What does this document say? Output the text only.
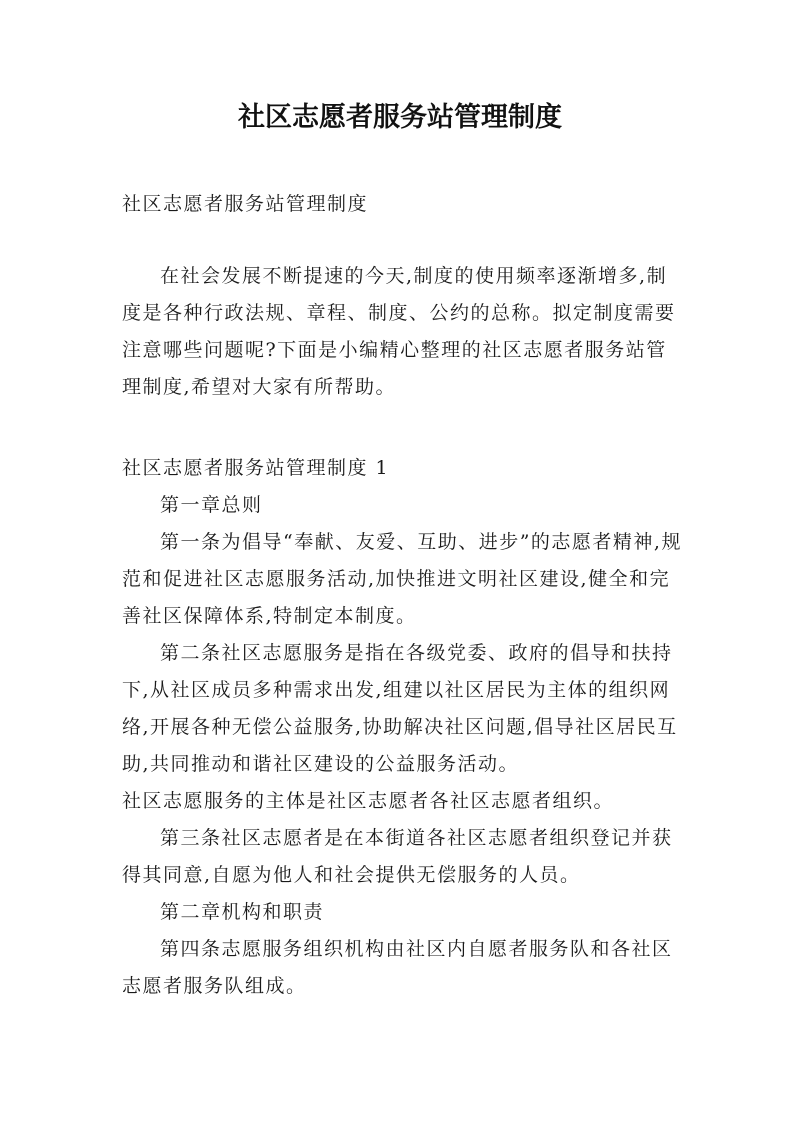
社区志愿者服务站管理制度
社区志愿者服务站管理制度

在社会发展不断提速的今天,制度的使用频率逐渐增多,制度是各种行政法规、章程、制度、公约的总称。拟定制度需要注意哪些问题呢?下面是小编精心整理的社区志愿者服务站管理制度,希望对大家有所帮助。

社区志愿者服务站管理制度 1

第一章总则

第一条为倡导“奉献、友爱、互助、进步”的志愿者精神,规范和促进社区志愿服务活动,加快推进文明社区建设,健全和完善社区保障体系,特制定本制度。

第二条社区志愿服务是指在各级党委、政府的倡导和扶持下,从社区成员多种需求出发,组建以社区居民为主体的组织网络,开展各种无偿公益服务,协助解决社区问题,倡导社区居民互助,共同推动和谐社区建设的公益服务活动。

社区志愿服务的主体是社区志愿者各社区志愿者组织。

第三条社区志愿者是在本街道各社区志愿者组织登记并获得其同意,自愿为他人和社会提供无偿服务的人员。

第二章机构和职责

第四条志愿服务组织机构由社区内自愿者服务队和各社区志愿者服务队组成。
